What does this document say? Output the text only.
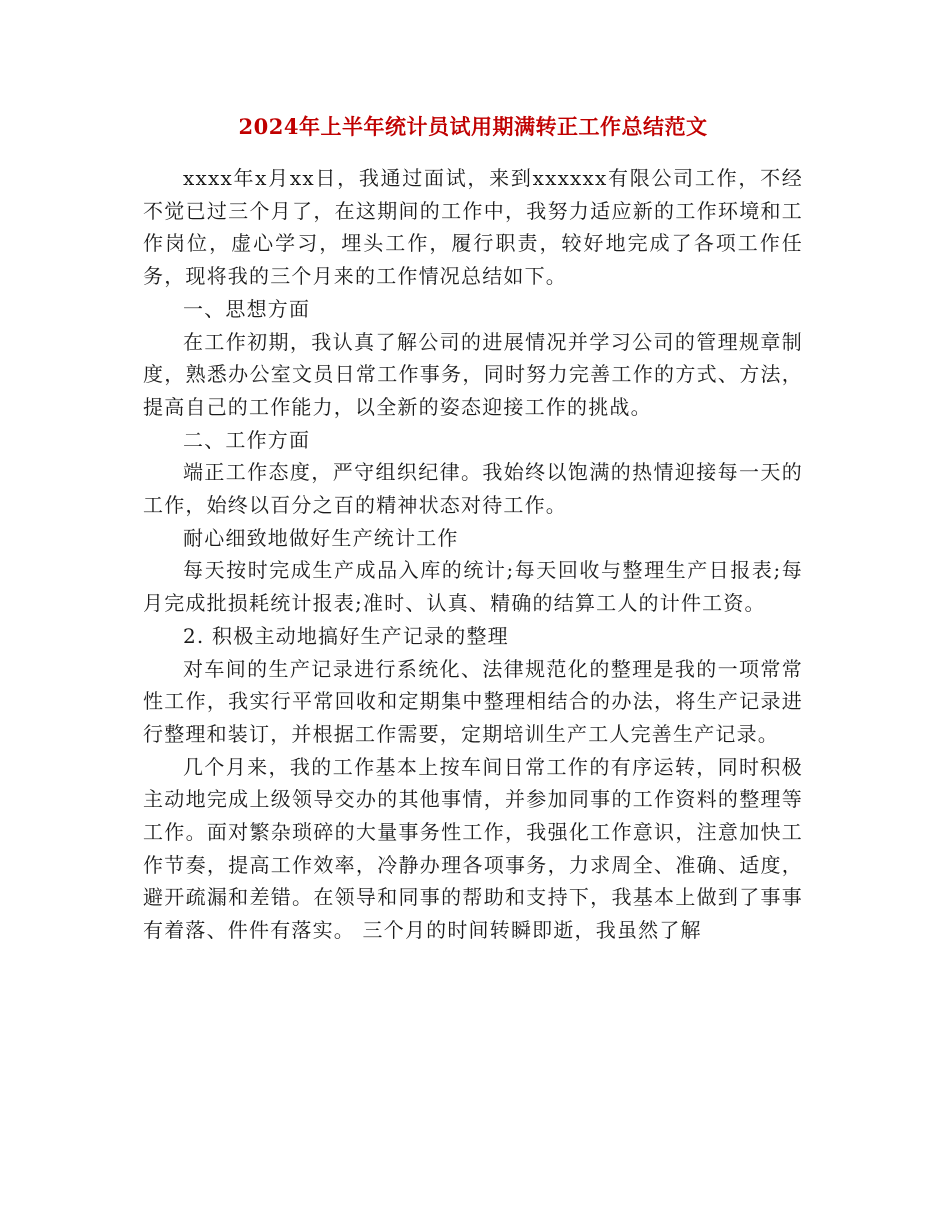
2024年上半年统计员试用期满转正工作总结范文

xxxx年x月xx日，我通过面试，来到xxxxxx有限公司工作，不经不觉已过三个月了，在这期间的工作中，我努力适应新的工作环境和工作岗位，虚心学习，埋头工作，履行职责，较好地完成了各项工作任务，现将我的三个月来的工作情况总结如下。

一、思想方面

在工作初期，我认真了解公司的进展情况并学习公司的管理规章制度，熟悉办公室文员日常工作事务，同时努力完善工作的方式、方法，提高自己的工作能力，以全新的姿态迎接工作的挑战。

二、工作方面

端正工作态度，严守组织纪律。我始终以饱满的热情迎接每一天的工作，始终以百分之百的精神状态对待工作。

耐心细致地做好生产统计工作

每天按时完成生产成品入库的统计;每天回收与整理生产日报表;每月完成批损耗统计报表;准时、认真、精确的结算工人的计件工资。

2. 积极主动地搞好生产记录的整理

对车间的生产记录进行系统化、法律规范化的整理是我的一项常常性工作，我实行平常回收和定期集中整理相结合的办法，将生产记录进行整理和装订，并根据工作需要，定期培训生产工人完善生产记录。

几个月来，我的工作基本上按车间日常工作的有序运转，同时积极主动地完成上级领导交办的其他事情，并参加同事的工作资料的整理等工作。面对繁杂琐碎的大量事务性工作，我强化工作意识，注意加快工作节奏，提高工作效率，冷静办理各项事务，力求周全、准确、适度，避开疏漏和差错。在领导和同事的帮助和支持下，我基本上做到了事事有着落、件件有落实。 三个月的时间转瞬即逝，我虽然了解
